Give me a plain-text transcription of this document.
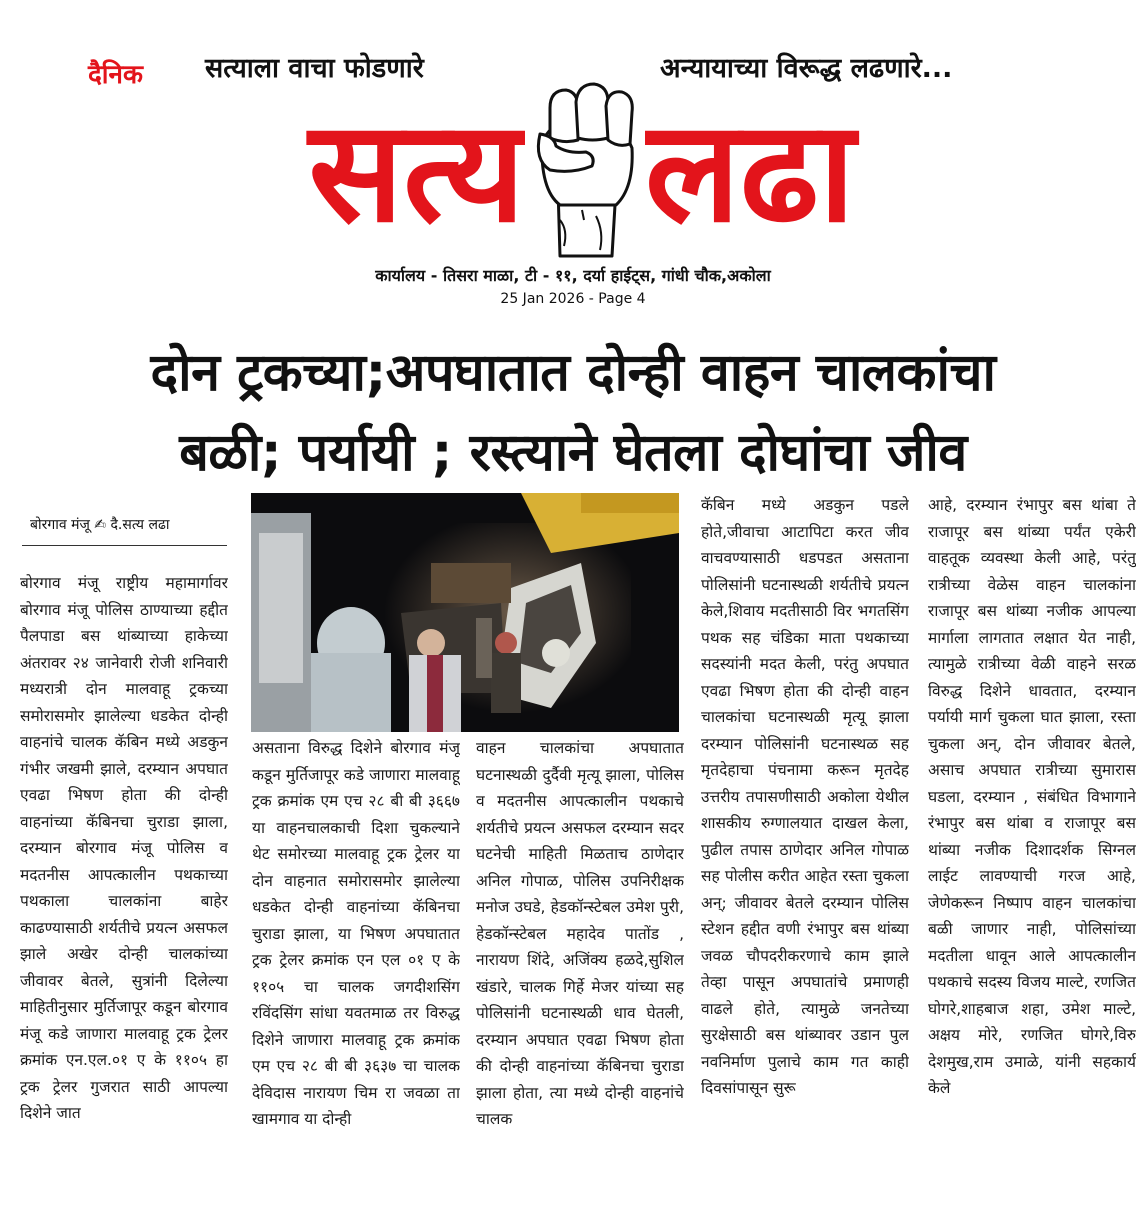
दैनिक सत्याला वाचा फोडणारे	अन्यायाच्या विरूद्ध लढणारे...
सत्य लढा
कार्यालय - तिसरा माळा, टी - ११, दर्या हाईट्स, गांधी चौक,अकोला
25 Jan 2026 - Page 4
दोन ट्रकच्या;अपघातात दोन्ही वाहन चालकांचा
बळी; पर्यायी ; रस्त्याने घेतला दोघांचा जीव
बोरगाव मंजू ✍ दै.सत्य लढा

बोरगाव मंजू राष्ट्रीय महामार्गावर बोरगाव मंजू पोलिस ठाण्याच्या हद्दीत पैलपाडा बस थांब्याच्या हाकेच्या अंतरावर २४ जानेवारी रोजी शनिवारी मध्यरात्री दोन मालवाहू ट्रकच्या समोरासमोर झालेल्या धडकेत दोन्ही वाहनांचे चालक कॅबिन मध्ये अडकुन गंभीर जखमी झाले, दरम्यान अपघात एवढा भिषण होता की दोन्ही वाहनांच्या कॅबिनचा चुराडा झाला, दरम्यान बोरगाव मंजू पोलिस व मदतनीस आपत्कालीन पथकाच्या पथकाला चालकांना बाहेर काढण्यासाठी शर्यतीचे प्रयत्न असफल झाले अखेर दोन्ही चालकांच्या जीवावर बेतले, सुत्रांनी दिलेल्या माहितीनुसार मुर्तिजापूर कडून बोरगाव मंजू कडे जाणारा मालवाहू ट्रक ट्रेलर क्रमांक एन.एल.०१ ए के ११०५ हा ट्रक ट्रेलर गुजरात साठी आपल्या दिशेने जात

असताना विरुद्ध दिशेने बोरगाव मंजू कडून मुर्तिजापूर कडे जाणारा मालवाहू ट्रक क्रमांक एम एच २८ बी बी ३६६७ या वाहनचालकाची दिशा चुकल्याने थेट समोरच्या मालवाहू ट्रक ट्रेलर या दोन वाहनात समोरासमोर झालेल्या धडकेत दोन्ही वाहनांच्या कॅबिनचा चुराडा झाला, या भिषण अपघातात ट्रक ट्रेलर क्रमांक एन एल ०१ ए के ११०५ चा चालक जगदीशसिंग रविंदसिंग सांधा यवतमाळ तर विरुद्ध दिशेने जाणारा मालवाहू ट्रक क्रमांक एम एच २८ बी बी ३६३७ चा चालक देविदास नारायण चिम रा जवळा ता खामगाव या दोन्ही

वाहन चालकांचा अपघातात घटनास्थळी दुर्दैवी मृत्यू झाला, पोलिस व मदतनीस आपत्कालीन पथकाचे शर्यतीचे प्रयत्न असफल दरम्यान सदर घटनेची माहिती मिळताच ठाणेदार अनिल गोपाळ, पोलिस उपनिरीक्षक मनोज उघडे, हेडकॉन्स्टेबल उमेश पुरी, हेडकॉन्स्टेबल महादेव पातोंड , नारायण शिंदे, अजिंक्य हळदे,सुशिल खंडारे, चालक गिर्हे मेजर यांच्या सह पोलिसांनी घटनास्थळी धाव घेतली, दरम्यान अपघात एवढा भिषण होता की दोन्ही वाहनांच्या कॅबिनचा चुराडा झाला होता, त्या मध्ये दोन्ही वाहनांचे चालक

कॅबिन मध्ये अडकुन पडले होते,जीवाचा आटापिटा करत जीव वाचवण्यासाठी धडपडत असताना पोलिसांनी घटनास्थळी शर्यतीचे प्रयत्न केले,शिवाय मदतीसाठी विर भगतसिंग पथक सह चंडिका माता पथकाच्या सदस्यांनी मदत केली, परंतु अपघात एवढा भिषण होता की दोन्ही वाहन चालकांचा घटनास्थळी मृत्यू झाला दरम्यान पोलिसांनी घटनास्थळ सह मृतदेहाचा पंचनामा करून मृतदेह उत्तरीय तपासणीसाठी अकोला येथील शासकीय रुग्णालयात दाखल केला, पुढील तपास ठाणेदार अनिल गोपाळ सह पोलीस करीत आहेत रस्ता चुकला अन्; जीवावर बेतले दरम्यान पोलिस स्टेशन हद्दीत वणी रंभापुर बस थांब्या जवळ चौपदरीकरणाचे काम झाले तेव्हा पासून अपघातांचे प्रमाणही वाढले होते, त्यामुळे जनतेच्या सुरक्षेसाठी बस थांब्यावर उडान पुल नवनिर्माण पुलाचे काम गत काही दिवसांपासून सुरू

आहे, दरम्यान रंभापुर बस थांबा ते राजापूर बस थांब्या पर्यंत एकेरी वाहतूक व्यवस्था केली आहे, परंतु रात्रीच्या वेळेस वाहन चालकांना राजापूर बस थांब्या नजीक आपल्या मार्गाला लागतात लक्षात येत नाही, त्यामुळे रात्रीच्या वेळी वाहने सरळ विरुद्ध दिशेने धावतात, दरम्यान पर्यायी मार्ग चुकला घात झाला, रस्ता चुकला अन्, दोन जीवावर बेतले, असाच अपघात रात्रीच्या सुमारास घडला, दरम्यान , संबंधित विभागाने रंभापुर बस थांबा व राजापूर बस थांब्या नजीक दिशादर्शक सिग्नल लाईट लावण्याची गरज आहे, जेणेकरून निष्पाप वाहन चालकांचा बळी जाणार नाही, पोलिसांच्या मदतीला धावून आले आपत्कालीन पथकाचे सदस्य विजय माल्टे, रणजित घोगरे,शाहबाज शहा, उमेश माल्टे, अक्षय मोरे, रणजित घोगरे,विरु देशमुख,राम उमाळे, यांनी सहकार्य केले
